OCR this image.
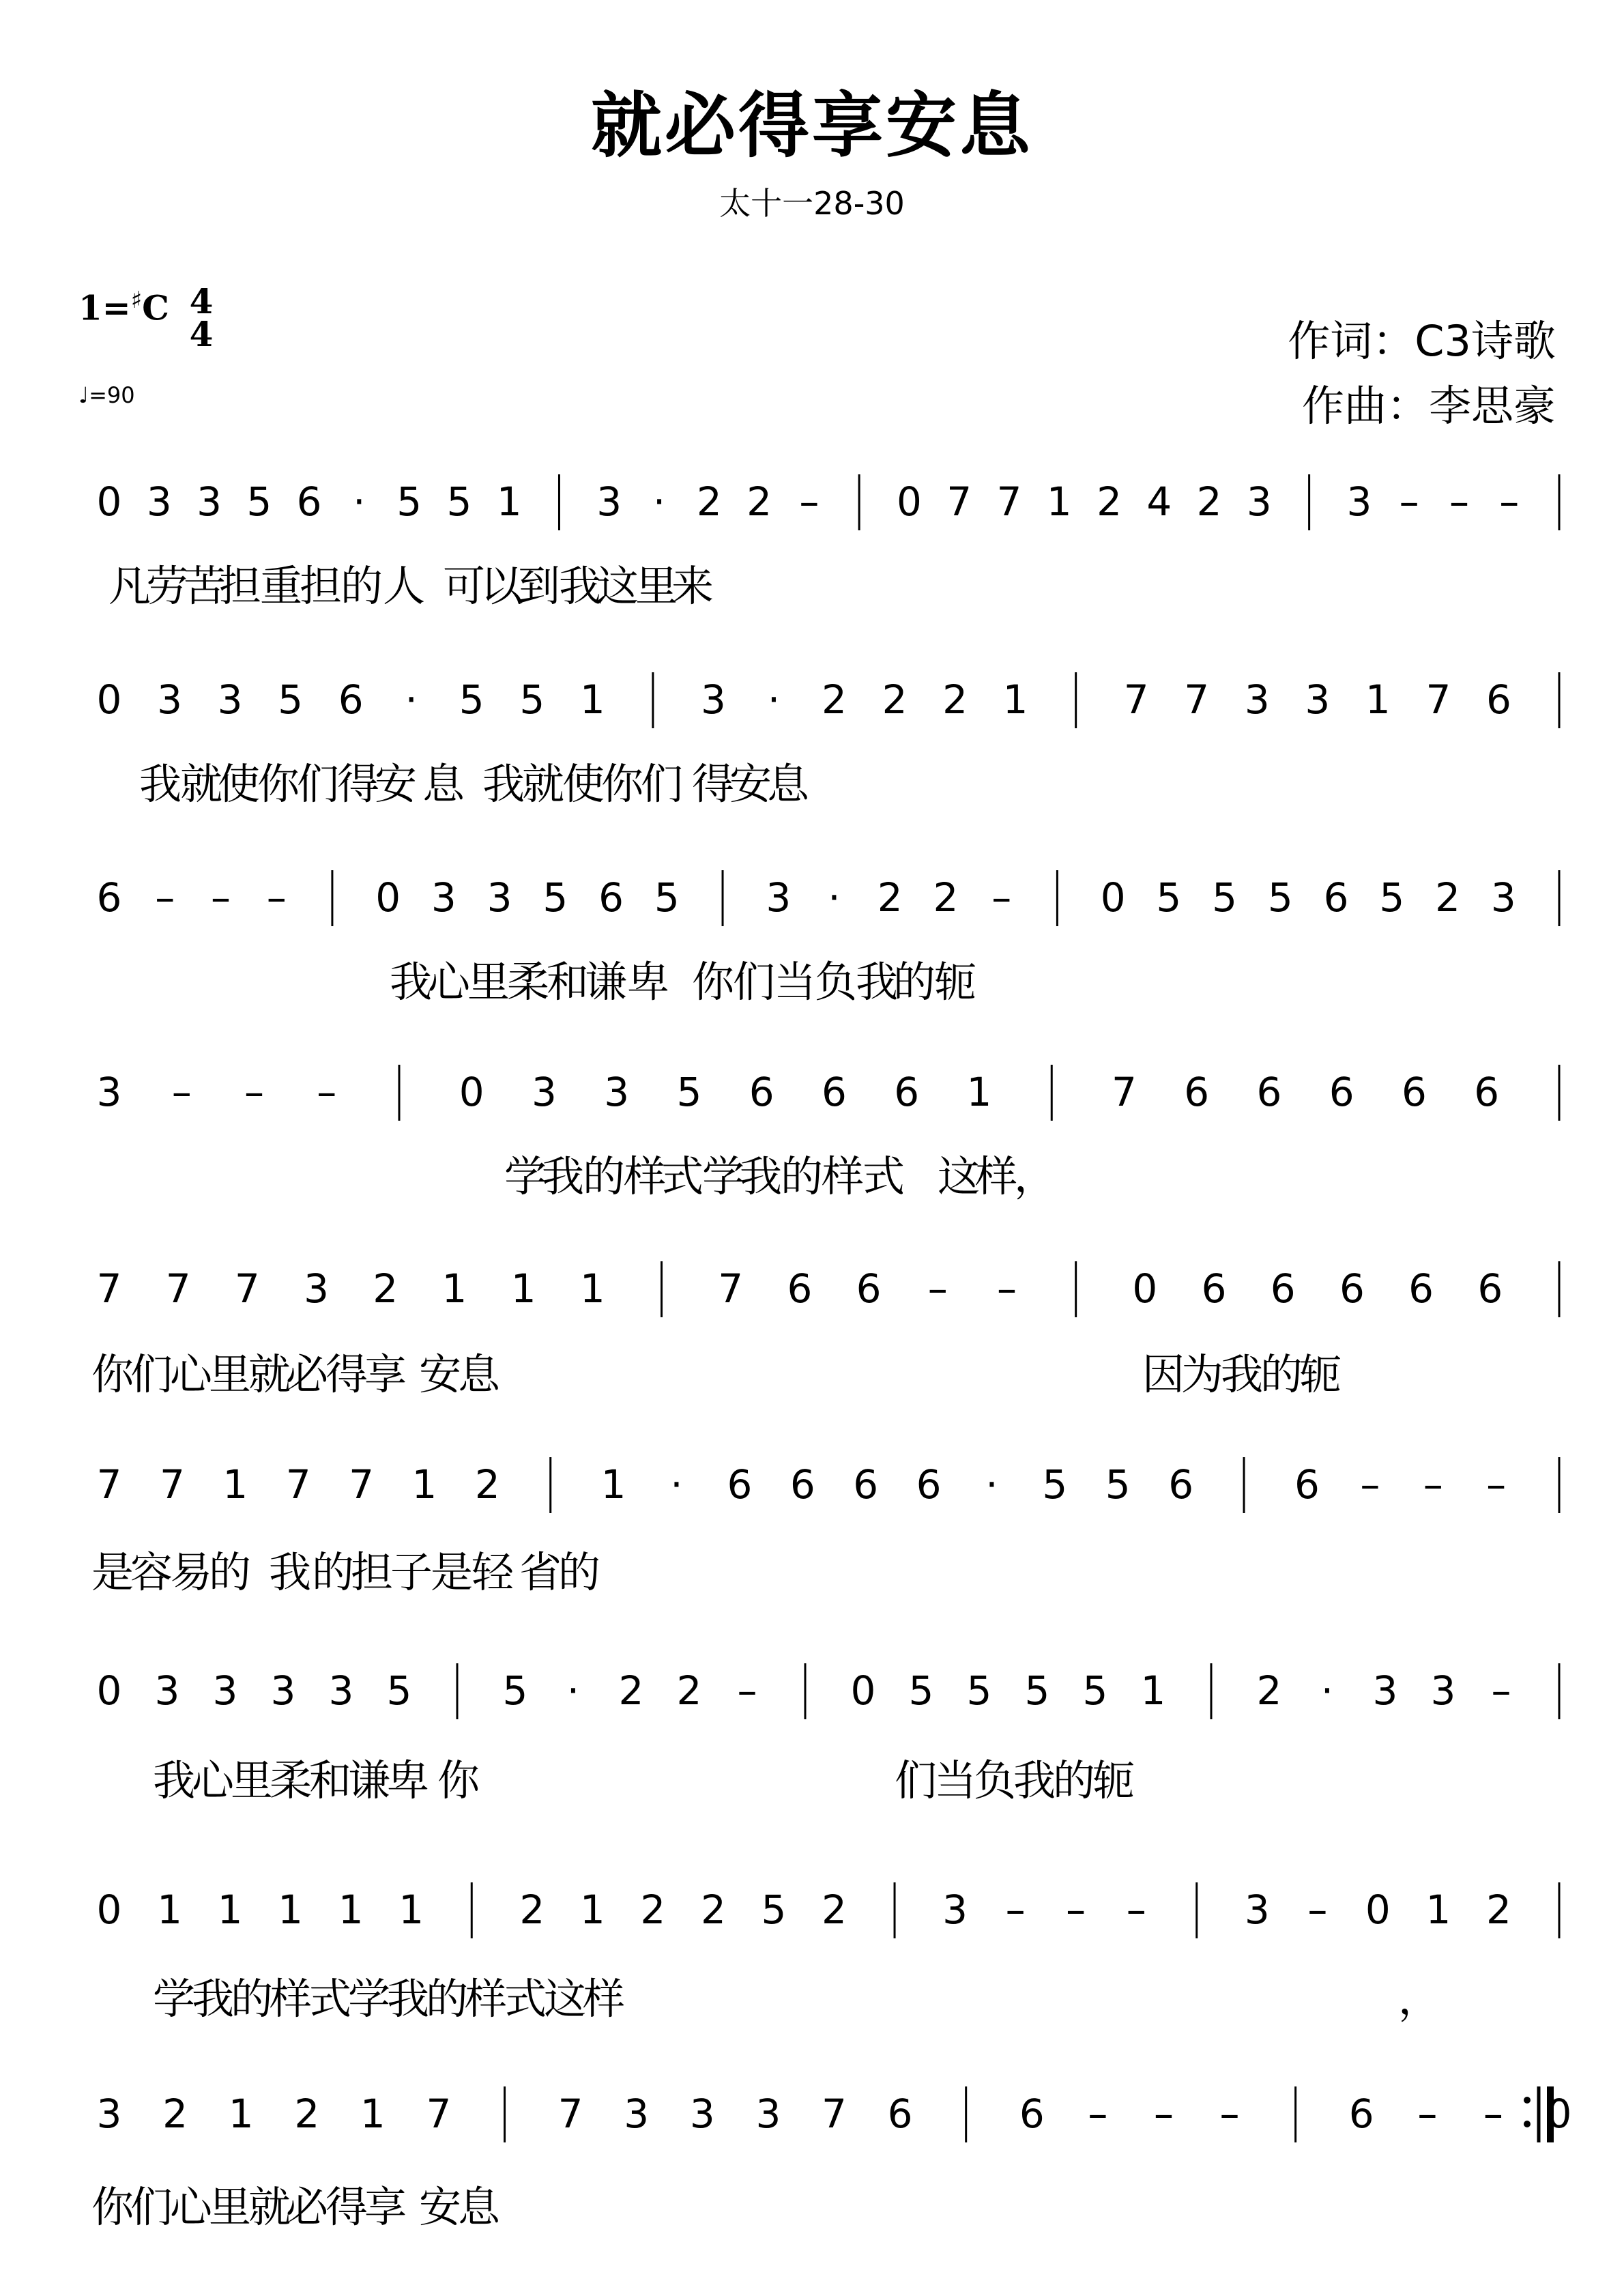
就必得享安息
太十一28-30
1=♯C 4
4
♩=90
作词：C3诗歌
作曲：李思豪
0 3 3 5 6 · 5 5 1 3 · 2 2 – 0 7 7 1 2 4 2 3 3 – – –
凡
劳
苦
担
重
担
的 人 可
以
到
我
这
里
来
0 3 3 5 6 · 5 5 1 3 · 2 2 2 1 7 7 3 3 1 7 6
我
就
使
你
们
得
安 息 我
就
使
你
们 得
安
息
6 – – – 0 3 3 5 6 5 3 · 2 2 – 0 5 5 5 6 5 2 3
我
心
里
柔
和
谦 卑 你
们
当
负
我
的
轭
3 – – –	0 3 3 5 6 6 6 1	7 6 6 6 6 6
学
我
的
样
式
学
我
的
样
式 这
样
，
7 7 7 3 2 1 1 1	7 6 6 – –	0 6 6 6 6 6
你
们
心
里
就
必
得
享 安
息	因
为
我
的
轭
7 7 1 7 7 1 2	1 · 6 6 6 6 · 5 5 6	6 – – –
是
容
易
的 我 的
担
子
是
轻 省
的
0 3 3 3 3 5 5 · 2 2 – 0 5 5 5 5 1 2 · 3 3 –
我
心
里
柔
和
谦
卑 你	们
当
负
我
的
轭
0 1 1 1 1 1 2 1 2 2 5 2 3 – – – 3 – 0 1 2
学
我
的
样
式
学
我
的
样
式
这
样	，
3 2 1 2 1 7	7 3 3 3 7 6	6 – – –	6 – – 0
你
们
心
里
就
必
得
享 安
息
